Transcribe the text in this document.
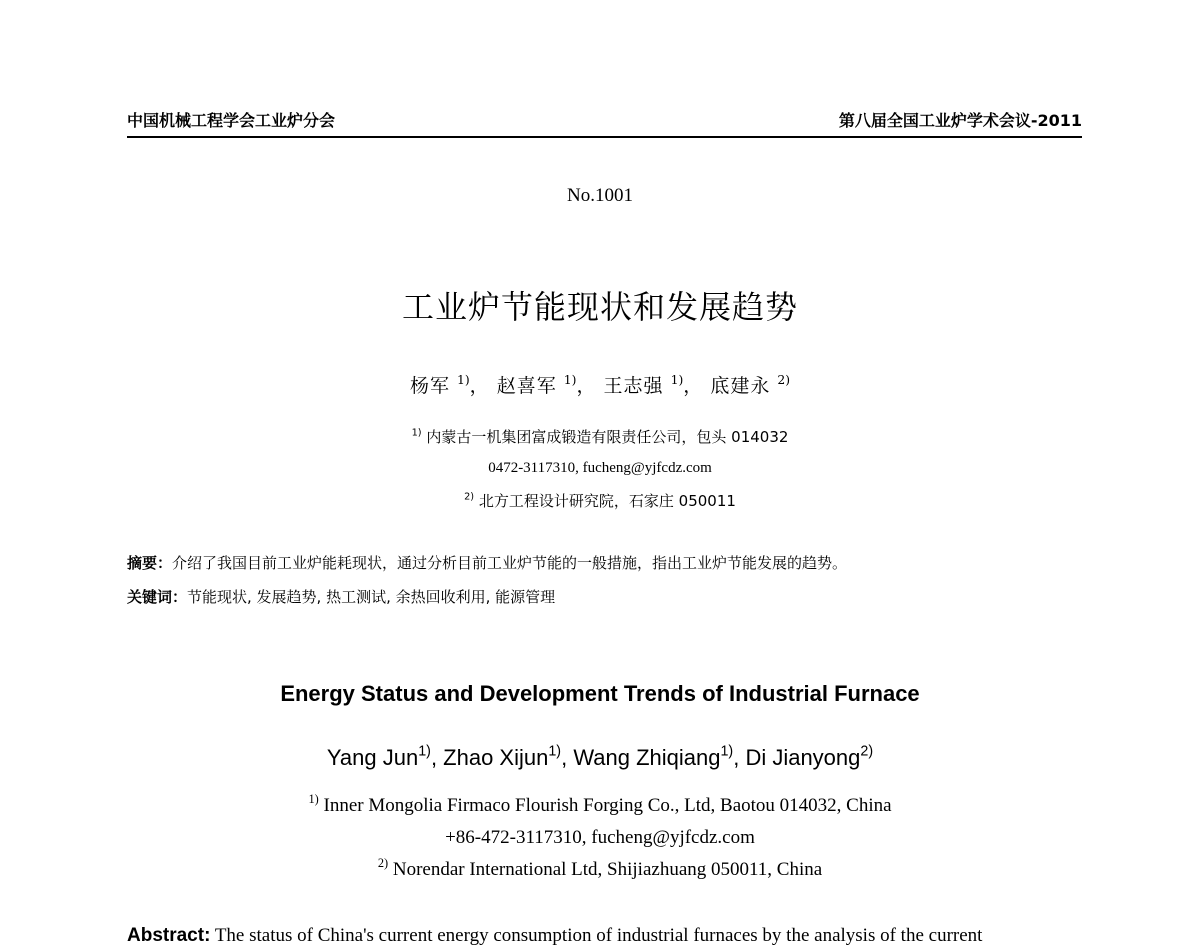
中国机械工程学会工业炉分会	第八届全国工业炉学术会议-2011
No.1001
工业炉节能现状和发展趋势
杨军 $^{1)}$， 赵喜军 $^{1)}$， 王志强 $^{1)}$， 底建永 $^{2)}$
$^{1)}$ 内蒙古一机集团富成锻造有限责任公司，包头 014032
0472-3117310, fucheng@yjfcdz.com
$^{2)}$ 北方工程设计研究院，石家庄 050011
摘要：介绍了我国目前工业炉能耗现状，通过分析目前工业炉节能的一般措施，指出工业炉节能发展的趋势。
关键词：节能现状, 发展趋势, 热工测试, 余热回收利用, 能源管理
Energy Status and Development Trends of Industrial Furnace
Yang Jun$^{1)}$, Zhao Xijun$^{1)}$, Wang Zhiqiang$^{1)}$, Di Jianyong$^{2)}$
$^{1)}$ Inner Mongolia Firmaco Flourish Forging Co., Ltd, Baotou 014032, China
+86-472-3117310, fucheng@yjfcdz.com
$^{2)}$ Norendar International Ltd, Shijiazhuang 050011, China
Abstract: The status of China's current energy consumption of industrial furnaces by the analysis of the current
